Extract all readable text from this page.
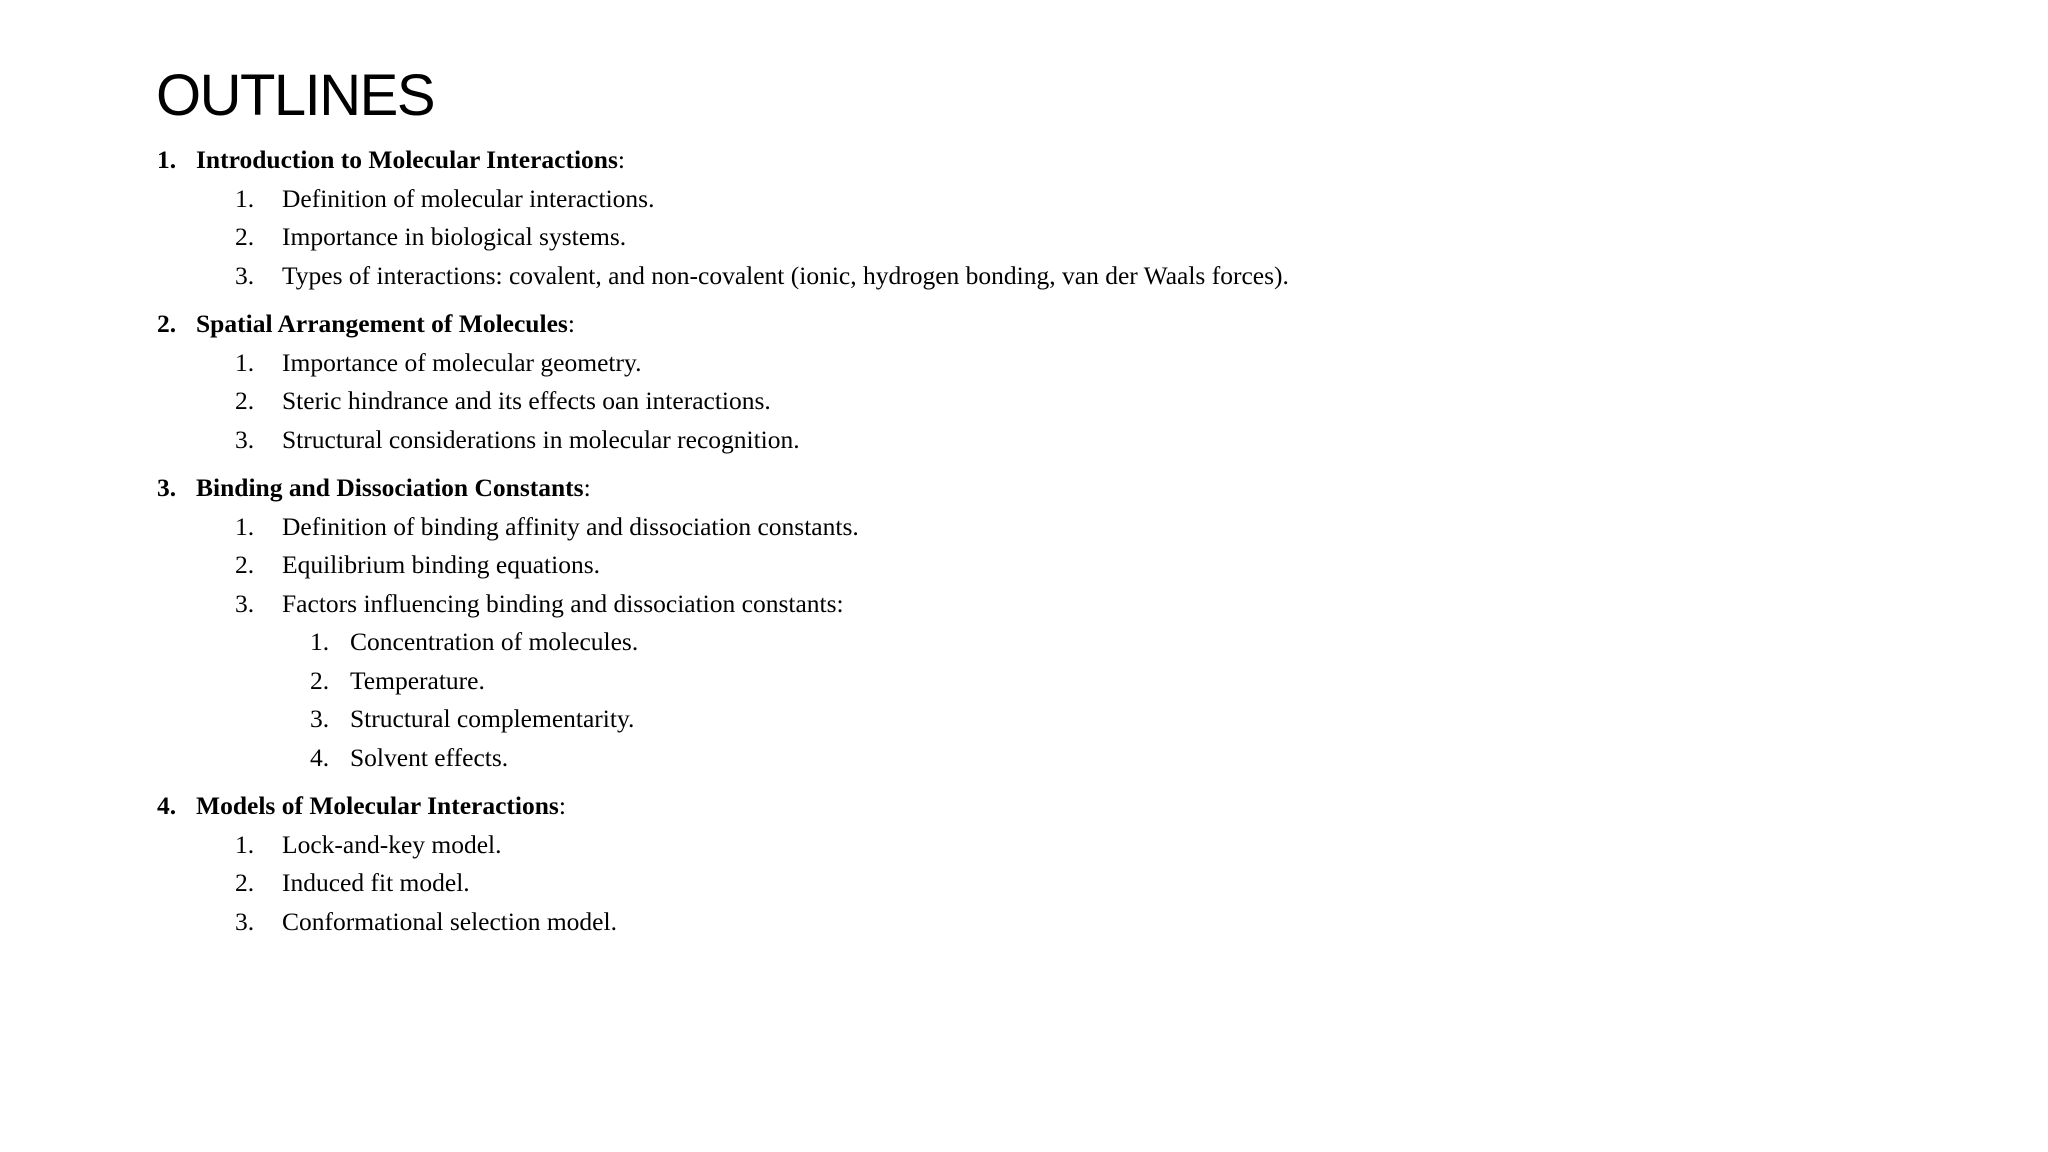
OUTLINES
1. Introduction to Molecular Interactions:
1. Definition of molecular interactions.
2. Importance in biological systems.
3. Types of interactions: covalent, and non-covalent (ionic, hydrogen bonding, van der Waals forces).
2. Spatial Arrangement of Molecules:
1. Importance of molecular geometry.
2. Steric hindrance and its effects oan interactions.
3. Structural considerations in molecular recognition.
3. Binding and Dissociation Constants:
1. Definition of binding affinity and dissociation constants.
2. Equilibrium binding equations.
3. Factors influencing binding and dissociation constants:
1. Concentration of molecules.
2. Temperature.
3. Structural complementarity.
4. Solvent effects.
4. Models of Molecular Interactions:
1. Lock-and-key model.
2. Induced fit model.
3. Conformational selection model.
